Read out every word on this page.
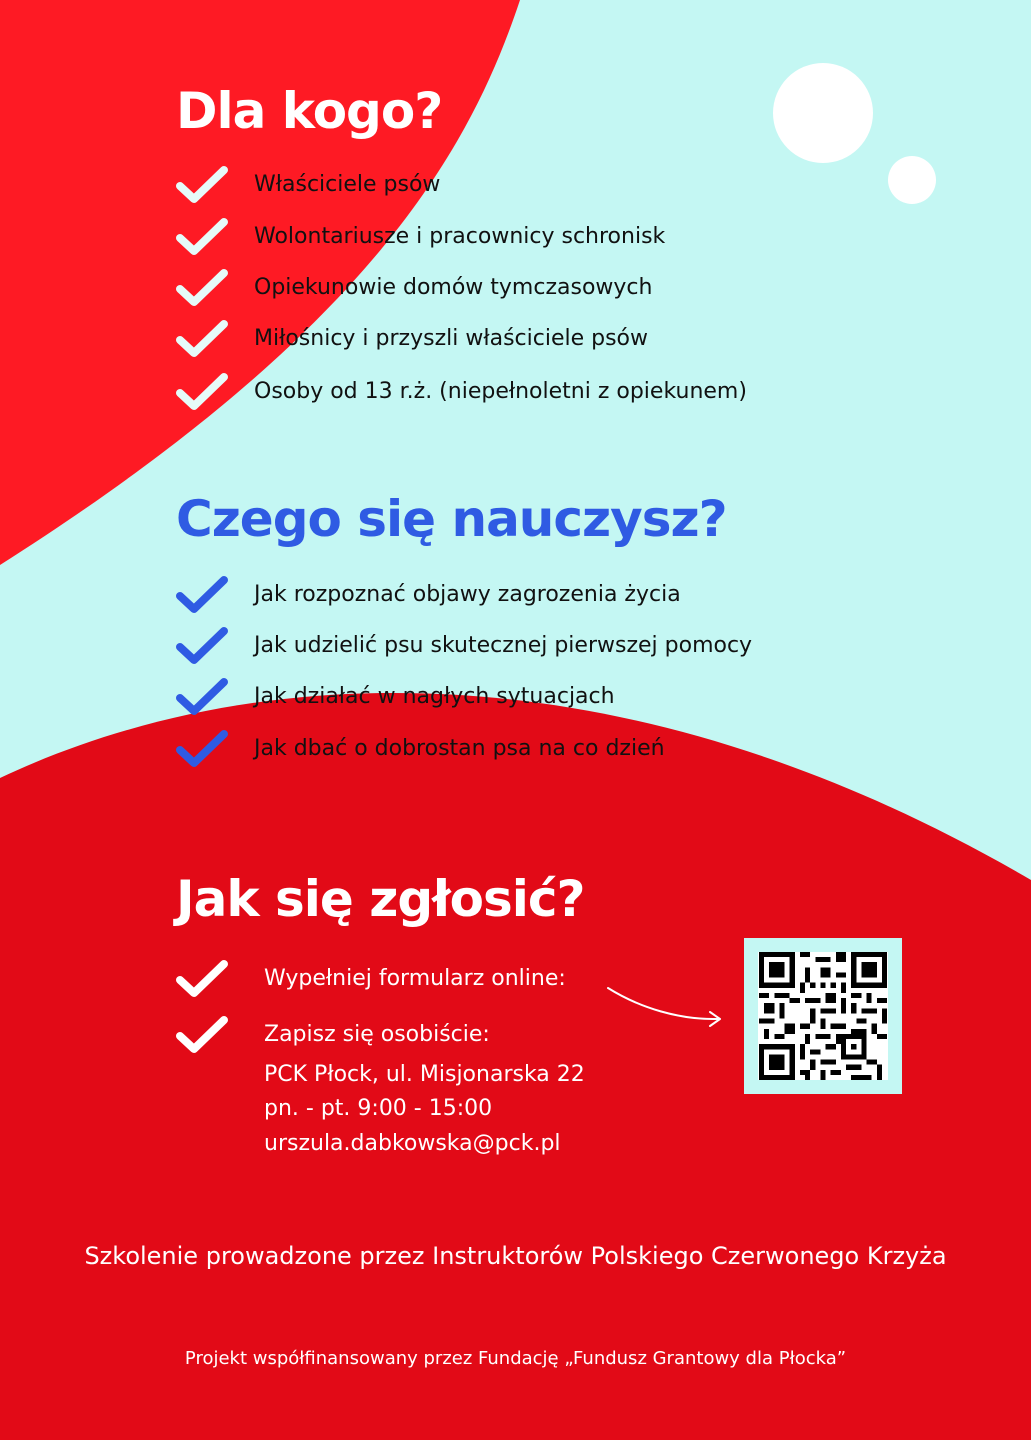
Dla kogo?
Właściciele psów
Wolontariusze i pracownicy schronisk
Opiekunowie domów tymczasowych
Miłośnicy i przyszli właściciele psów
Osoby od 13 r.ż. (niepełnoletni z opiekunem)
Czego się nauczysz?
Jak rozpoznać objawy zagrozenia życia
Jak udzielić psu skutecznej pierwszej pomocy
Jak działać w nagłych sytuacjach
Jak dbać o dobrostan psa na co dzień
Jak się zgłosić?
Wypełniej formularz online:
Zapisz się osobiście:
PCK Płock, ul. Misjonarska 22
pn. - pt. 9:00 - 15:00
urszula.dabkowska@pck.pl
Szkolenie prowadzone przez Instruktorów Polskiego Czerwonego Krzyża
Projekt współfinansowany przez Fundację „Fundusz Grantowy dla Płocka”
